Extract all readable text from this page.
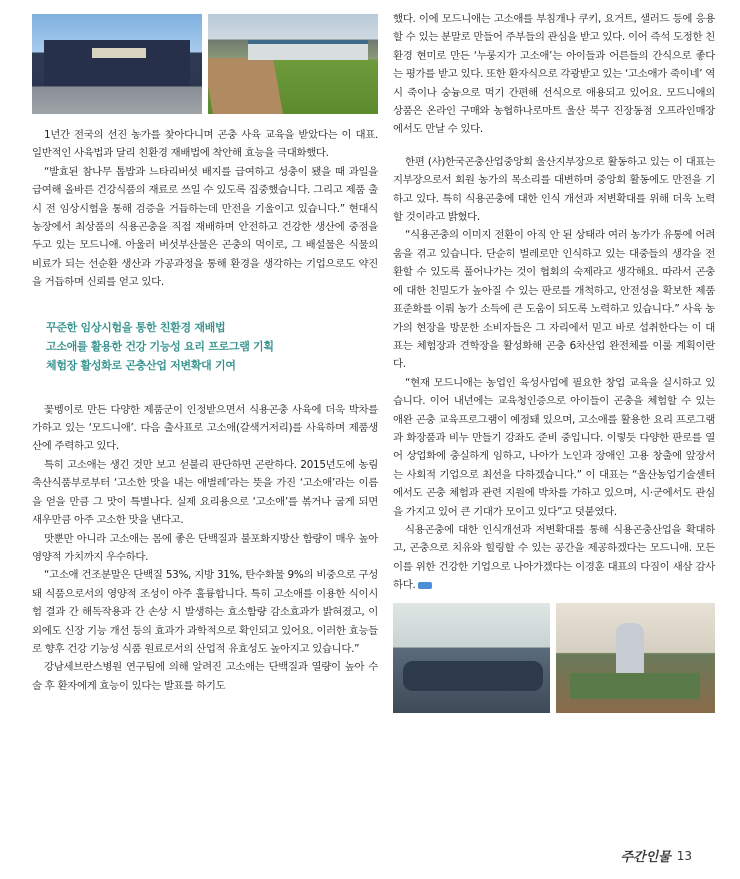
1년간 전국의 선진 농가를 찾아다니며 곤충 사육 교육을 받았다는 이 대표. 일반적인 사육법과 달리 친환경 재배법에 착안해 효능을 극대화했다.

“발효된 참나무 톱밥과 느타리버섯 배지를 급여하고 성충이 됐을 때 과일을 급여해 올바른 건강식품의 재료로 쓰일 수 있도록 집중했습니다. 그리고 제품 출시 전 임상시험을 통해 검증을 거듭하는데 만전을 기울이고 있습니다.” 현대식 농장에서 최상품의 식용곤충을 직접 재배하며 안전하고 건강한 생산에 중점을 두고 있는 모드니애. 아울러 버섯부산물은 곤충의 먹이로, 그 배설물은 식물의 비료가 되는 선순환 생산과 가공과정을 통해 환경을 생각하는 기업으로도 약진을 거듭하며 신뢰를 얻고 있다.

꾸준한 임상시험을 통한 친환경 재배법
고소애를 활용한 건강 기능성 요리 프로그램 기획
체험장 활성화로 곤충산업 저변확대 기여

꽃벵이로 만든 다양한 제품군이 인정받으면서 식용곤충 사육에 더욱 박차를 가하고 있는 ‘모드니애’. 다음 출사표로 고소애(갈색거저리)를 사육하며 제품생산에 주력하고 있다.

특히 고소애는 생긴 것만 보고 섣불리 판단하면 곤란하다. 2015년도에 농림축산식품부로부터 ‘고소한 맛을 내는 애벌레’라는 뜻을 가진 ‘고소애’라는 이름을 얻을 만큼 그 맛이 특별나다. 실제 요리용으로 ‘고소애’를 볶거나 굽게 되면 새우만큼 아주 고소한 맛을 낸다고.

맛뿐만 아니라 고소애는 몸에 좋은 단백질과 불포화지방산 함량이 매우 높아 영양적 가치까지 우수하다.

“고소애 건조분말은 단백질 53%, 지방 31%, 탄수화물 9%의 비중으로 구성돼 식품으로서의 영양적 조성이 아주 훌륭합니다. 특히 고소애를 이용한 식이시험 결과 간 해독작용과 간 손상 시 발생하는 효소함량 감소효과가 밝혀졌고, 이외에도 신장 기능 개선 등의 효과가 과학적으로 확인되고 있어요. 이러한 효능들로 향후 건강 기능성 식품 원료로서의 산업적 유효성도 높아지고 있습니다.”

강남세브란스병원 연구팀에 의해 알려진 고소애는 단백질과 열량이 높아 수술 후 환자에게 효능이 있다는 발표를 하기도

했다. 이에 모드니애는 고소애를 부침개나 쿠키, 요거트, 샐러드 등에 응용할 수 있는 분말로 만들어 주부들의 관심을 받고 있다. 이어 즉석 도정한 친환경 현미로 만든 ‘누룽지가 고소애’는 아이들과 어른들의 간식으로 좋다는 평가를 받고 있다. 또한 환자식으로 각광받고 있는 ‘고소애가 죽이네’ 역시 죽이나 숭늉으로 먹기 간편해 선식으로 애용되고 있어요. 모드니애의 상품은 온라인 구매와 농협하나로마트 울산 북구 진장동점 오프라인매장에서도 만날 수 있다.

한편 (사)한국곤충산업중앙회 울산지부장으로 활동하고 있는 이 대표는 지부장으로서 회원 농가의 목소리를 대변하며 중앙회 활동에도 만전을 기하고 있다. 특히 식용곤충에 대한 인식 개선과 저변확대를 위해 더욱 노력할 것이라고 밝혔다.

“식용곤충의 이미지 전환이 아직 안 된 상태라 여러 농가가 유통에 어려움을 겪고 있습니다. 단순히 벌레로만 인식하고 있는 대중들의 생각을 전환할 수 있도록 풀어나가는 것이 협회의 숙제라고 생각해요. 따라서 곤충에 대한 친밀도가 높아질 수 있는 판로를 개척하고, 안전성을 확보한 제품 표준화를 이뤄 농가 소득에 큰 도움이 되도록 노력하고 있습니다.” 사육 농가의 현장을 방문한 소비자들은 그 자리에서 믿고 바로 섭취한다는 이 대표는 체험장과 견학장을 활성화해 곤충 6차산업 완전체를 이룰 계획이란다.

“현재 모드니애는 농업인 육성사업에 필요한 창업 교육을 실시하고 있습니다. 이어 내년에는 교육청인증으로 아이들이 곤충을 체험할 수 있는 애완 곤충 교육프로그램이 예정돼 있으며, 고소애를 활용한 요리 프로그램과 화장품과 비누 만들기 강좌도 준비 중입니다. 이렇듯 다양한 판로를 열어 상업화에 충실하게 임하고, 나아가 노인과 장애인 고용 창출에 앞장서는 사회적 기업으로 최선을 다하겠습니다.” 이 대표는 “울산농업기술센터에서도 곤충 체험과 관련 지원에 박차를 가하고 있으며, 시·군에서도 관심을 가지고 있어 큰 기대가 모이고 있다”고 덧붙였다.

식용곤충에 대한 인식개선과 저변확대를 통해 식용곤충산업을 확대하고, 곤충으로 치유와 힐링할 수 있는 공간을 제공하겠다는 모드니애. 모든 이를 위한 건강한 기업으로 나아가겠다는 이경훈 대표의 다짐이 새삼 감사하다.

주간인물 13
